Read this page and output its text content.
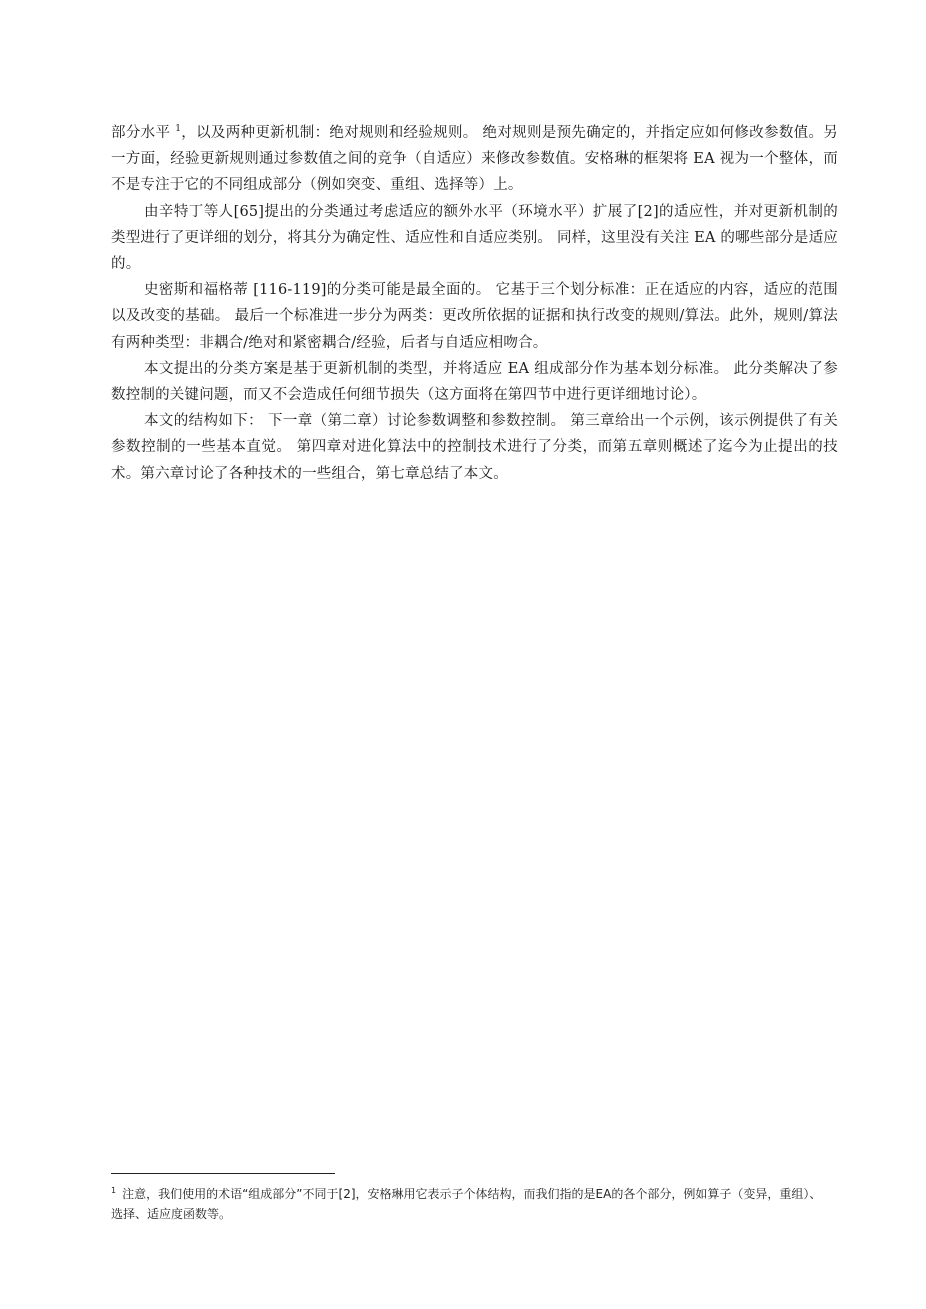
部分水平 $^1$，以及两种更新机制：绝对规则和经验规则。 绝对规则是预先确定的，并指定应如何修改参数值。另一方面，经验更新规则通过参数值之间的竞争（自适应）来修改参数值。安格琳的框架将 EA 视为一个整体，而不是专注于它的不同组成部分（例如突变、重组、选择等）上。

由辛特丁等人[65]提出的分类通过考虑适应的额外水平（环境水平）扩展了[2]的适应性，并对更新机制的类型进行了更详细的划分，将其分为确定性、适应性和自适应类别。 同样，这里没有关注 EA 的哪些部分是适应的。

史密斯和福格蒂 [116-119]的分类可能是最全面的。 它基于三个划分标准：正在适应的内容，适应的范围以及改变的基础。 最后一个标准进一步分为两类：更改所依据的证据和执行改变的规则/算法。此外，规则/算法有两种类型：非耦合/绝对和紧密耦合/经验，后者与自适应相吻合。

本文提出的分类方案是基于更新机制的类型，并将适应 EA 组成部分作为基本划分标准。 此分类解决了参数控制的关键问题，而又不会造成任何细节损失（这方面将在第四节中进行更详细地讨论）。

本文的结构如下： 下一章（第二章）讨论参数调整和参数控制。 第三章给出一个示例，该示例提供了有关参数控制的一些基本直觉。 第四章对进化算法中的控制技术进行了分类，而第五章则概述了迄今为止提出的技术。第六章讨论了各种技术的一些组合，第七章总结了本文。

$^1$ 注意，我们使用的术语“组成部分”不同于[2]，安格琳用它表示子个体结构，而我们指的是EA的各个部分，例如算子（变异，重组）、选择、适应度函数等。
